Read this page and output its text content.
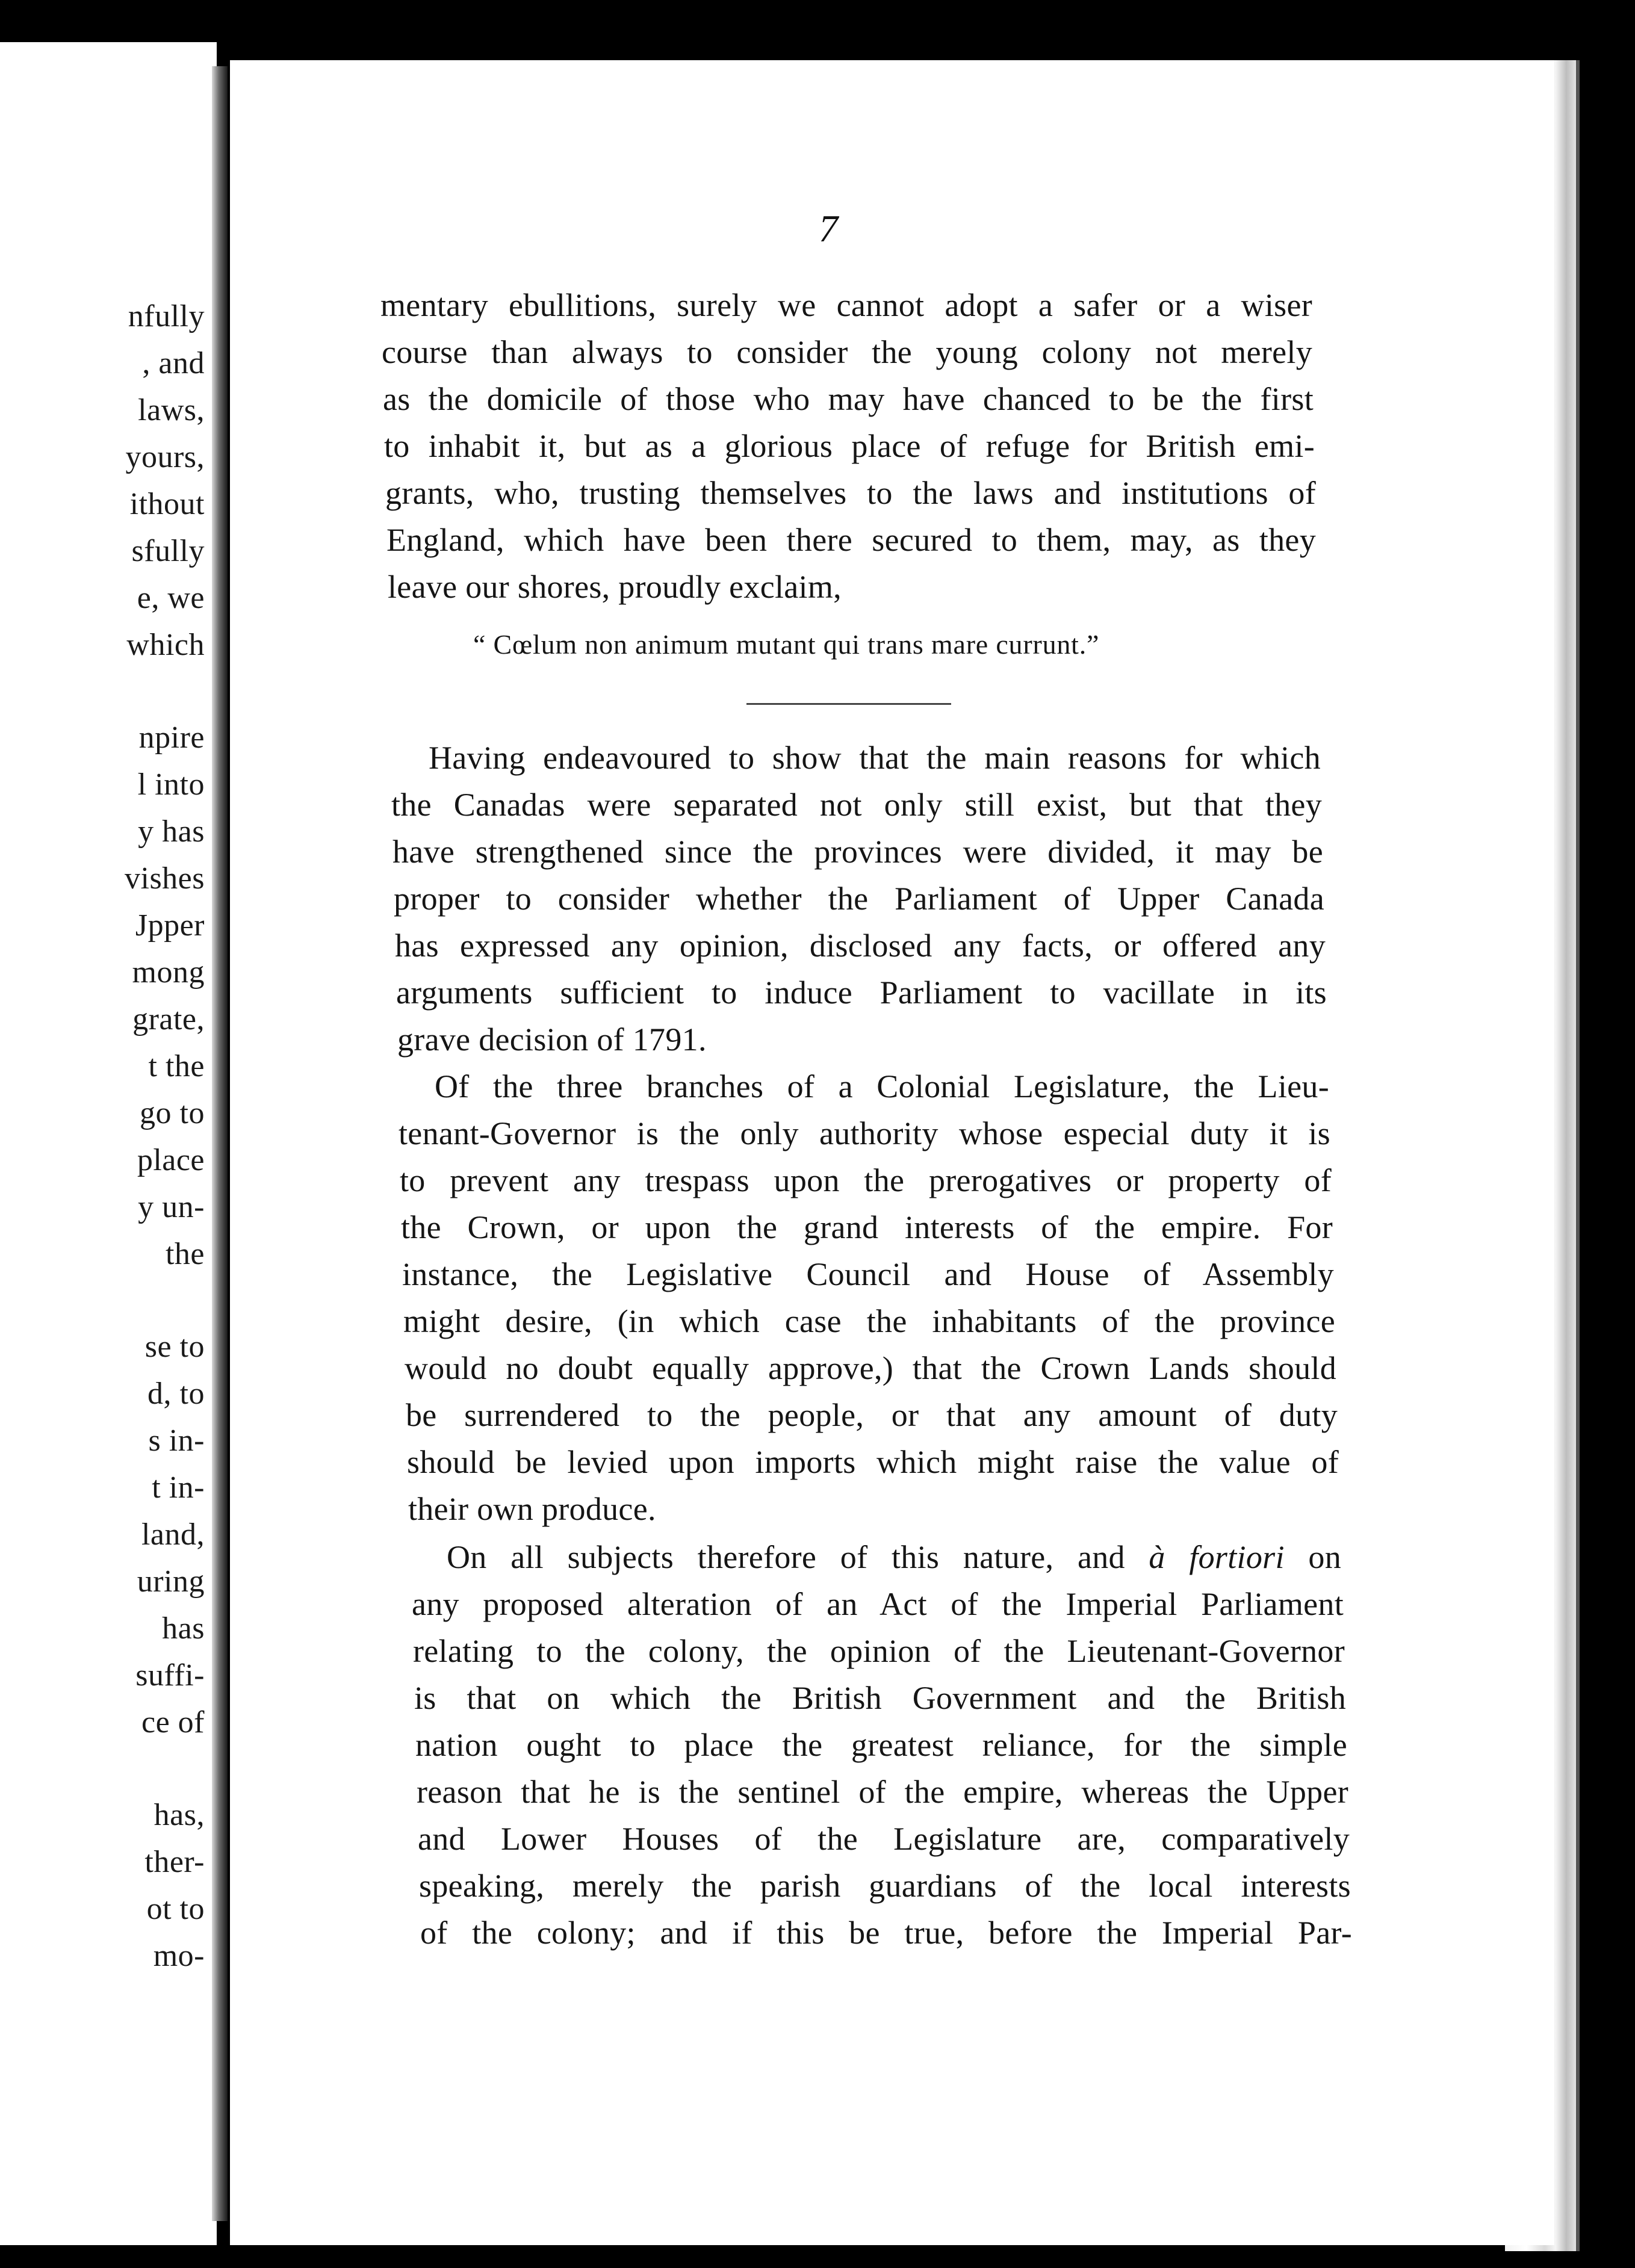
nfully
, and
laws,
yours,
ithout
sfully
e, we
which
npire
l into
y has
vishes
Jpper
mong
grate,
t the
go to
place
y un-
the
se to
d, to
s in-
t in-
land,
uring
has
suffi-
ce of
has,
ther-
ot to
mo-
7
mentary ebullitions, surely we cannot adopt a safer or a wiser
course than always to consider the young colony not merely
as the domicile of those who may have chanced to be the first
to inhabit it, but as a glorious place of refuge for British emi-
grants, who, trusting themselves to the laws and institutions of
England, which have been there secured to them, may, as they
leave our shores, proudly exclaim,
“ Cœlum non animum mutant qui trans mare currunt.”
Having endeavoured to show that the main reasons for which
the Canadas were separated not only still exist, but that they
have strengthened since the provinces were divided, it may be
proper to consider whether the Parliament of Upper Canada
has expressed any opinion, disclosed any facts, or offered any
arguments sufficient to induce Parliament to vacillate in its
grave decision of 1791.
Of the three branches of a Colonial Legislature, the Lieu-
tenant-Governor is the only authority whose especial duty it is
to prevent any trespass upon the prerogatives or property of
the Crown, or upon the grand interests of the empire. For
instance, the Legislative Council and House of Assembly
might desire, (in which case the inhabitants of the province
would no doubt equally approve,) that the Crown Lands should
be surrendered to the people, or that any amount of duty
should be levied upon imports which might raise the value of
their own produce.
On all subjects therefore of this nature, and à fortiori on
any proposed alteration of an Act of the Imperial Parliament
relating to the colony, the opinion of the Lieutenant-Governor
is that on which the British Government and the British
nation ought to place the greatest reliance, for the simple
reason that he is the sentinel of the empire, whereas the Upper
and Lower Houses of the Legislature are, comparatively
speaking, merely the parish guardians of the local interests
of the colony; and if this be true, before the Imperial Par-
